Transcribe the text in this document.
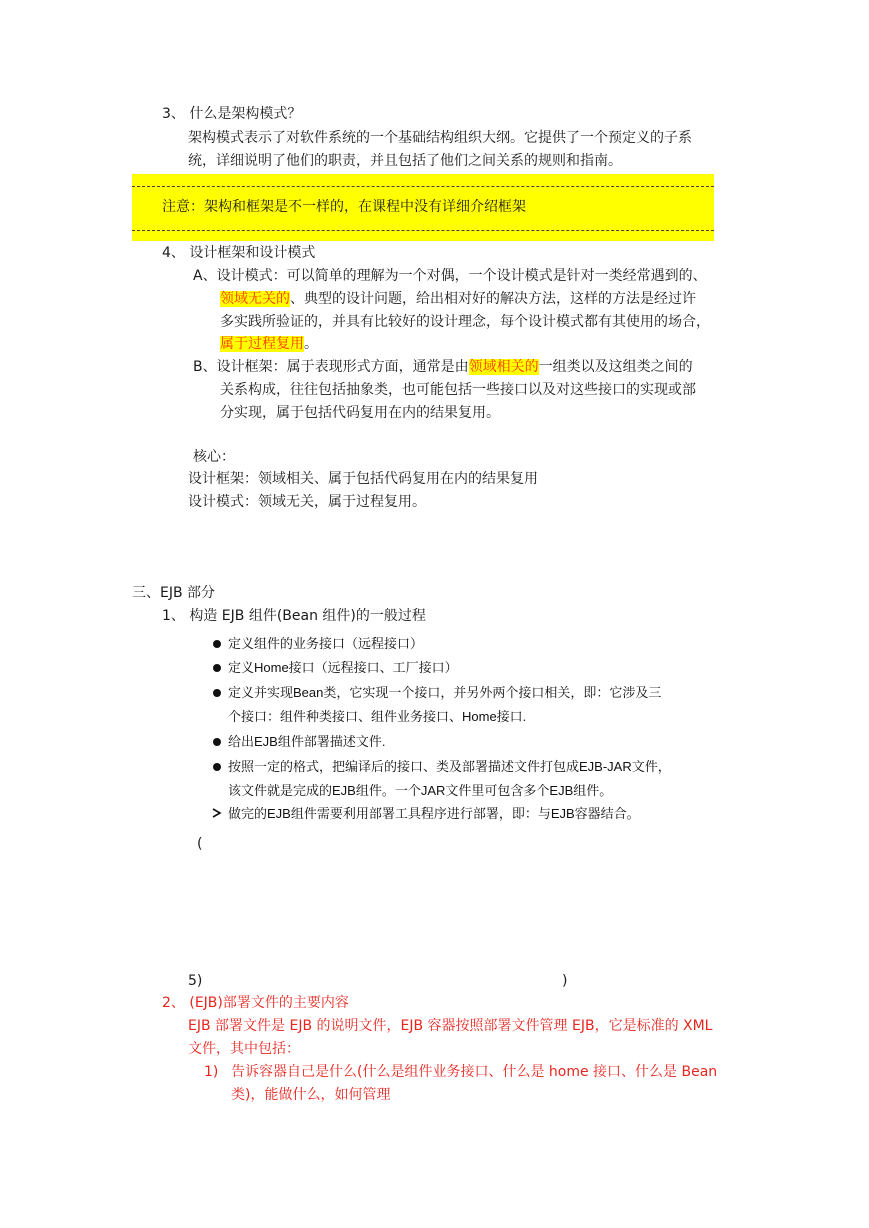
3、 什么是架构模式？
架构模式表示了对软件系统的一个基础结构组织大纲。它提供了一个预定义的子系
统，详细说明了他们的职责，并且包括了他们之间关系的规则和指南。
注意：架构和框架是不一样的，在课程中没有详细介绍框架
4、 设计框架和设计模式
A、设计模式：可以简单的理解为一个对偶，一个设计模式是针对一类经常遇到的、
领域无关的、典型的设计问题，给出相对好的解决方法，这样的方法是经过许
多实践所验证的，并具有比较好的设计理念，每个设计模式都有其使用的场合，
属于过程复用。
B、设计框架：属于表现形式方面，通常是由领域相关的一组类以及这组类之间的
关系构成，往往包括抽象类，也可能包括一些接口以及对这些接口的实现或部
分实现，属于包括代码复用在内的结果复用。
核心：
设计框架：领域相关、属于包括代码复用在内的结果复用
设计模式：领域无关，属于过程复用。
三、EJB 部分
1、 构造 EJB 组件(Bean 组件)的一般过程
定义组件的业务接口（远程接口）
定义Home接口（远程接口、工厂接口）
定义并实现Bean类，它实现一个接口，并另外两个接口相关，即：它涉及三
个接口：组件种类接口、组件业务接口、Home接口.
给出EJB组件部署描述文件.
按照一定的格式，把编译后的接口、类及部署描述文件打包成EJB-JAR文件，
该文件就是完成的EJB组件。一个JAR文件里可包含多个EJB组件。
做完的EJB组件需要利用部署工具程序进行部署，即：与EJB容器结合。
(
5)	)
2、 (EJB)部署文件的主要内容
EJB 部署文件是 EJB 的说明文件，EJB 容器按照部署文件管理 EJB，它是标准的 XML
文件，其中包括：
1) 告诉容器自己是什么(什么是组件业务接口、什么是 home 接口、什么是 Bean
类)，能做什么，如何管理
